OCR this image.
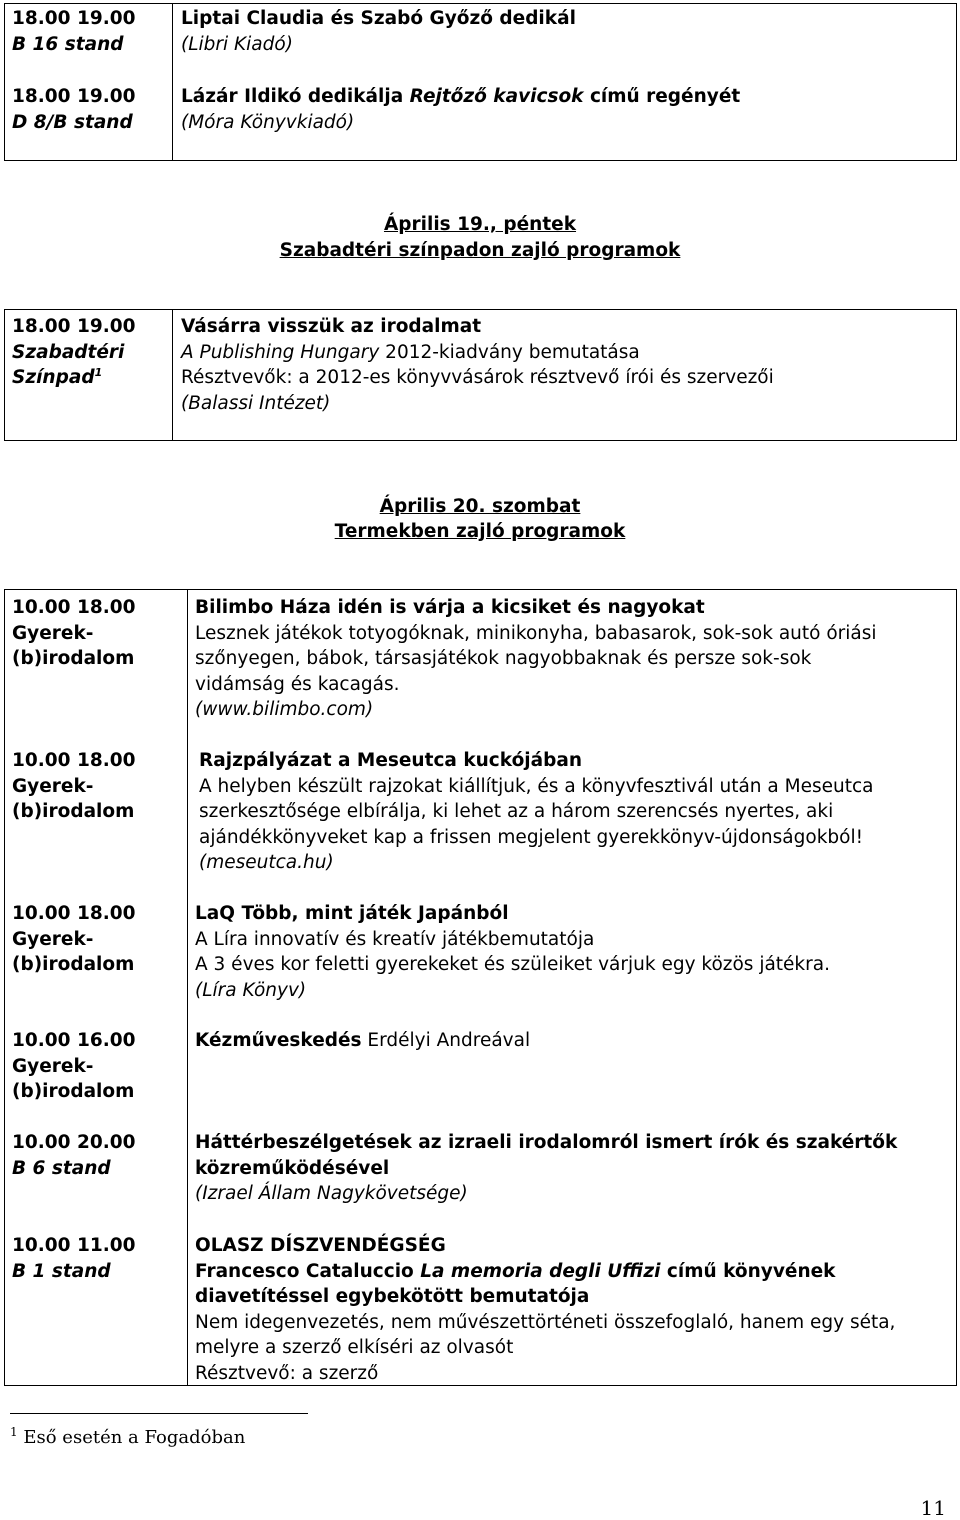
18.00 19.00
B 16 stand
Liptai Claudia és Szabó Győző dedikál
(Libri Kiadó)
18.00 19.00
D 8/B stand
Lázár Ildikó dedikálja Rejtőző kavicsok című regényét
(Móra Könyvkiadó)
Április 19., péntek
Szabadtéri színpadon zajló programok
18.00 19.00
Szabadtéri
Színpad$^1$
Vásárra visszük az irodalmat
A Publishing Hungary 2012-kiadvány bemutatása
Résztvevők: a 2012-es könyvvásárok résztvevő írói és szervezői
(Balassi Intézet)
Április 20. szombat
Termekben zajló programok
10.00 18.00
Gyerek-
(b)irodalom
Bilimbo Háza idén is várja a kicsiket és nagyokat
Lesznek játékok totyogóknak, minikonyha, babasarok, sok-sok autó óriási
szőnyegen, bábok, társasjátékok nagyobbaknak és persze sok-sok
vidámság és kacagás.
(www.bilimbo.com)
10.00 18.00
Gyerek-
(b)irodalom
Rajzpályázat a Meseutca kuckójában
A helyben készült rajzokat kiállítjuk, és a könyvfesztivál után a Meseutca
szerkesztősége elbírálja, ki lehet az a három szerencsés nyertes, aki
ajándékkönyveket kap a frissen megjelent gyerekkönyv-újdonságokból!
(meseutca.hu)
10.00 18.00
Gyerek-
(b)irodalom
LaQ Több, mint játék Japánból
A Líra innovatív és kreatív játékbemutatója
A 3 éves kor feletti gyerekeket és szüleiket várjuk egy közös játékra.
(Líra Könyv)
10.00 16.00
Gyerek-
(b)irodalom
Kézműveskedés Erdélyi Andreával
10.00 20.00
B 6 stand
Háttérbeszélgetések az izraeli irodalomról ismert írók és szakértők
közreműködésével
(Izrael Állam Nagykövetsége)
10.00 11.00
B 1 stand
OLASZ DÍSZVENDÉGSÉG
Francesco Cataluccio La memoria degli Uffizi című könyvének
diavetítéssel egybekötött bemutatója
Nem idegenvezetés, nem művészettörténeti összefoglaló, hanem egy séta,
melyre a szerző elkíséri az olvasót
Résztvevő: a szerző
$^1$ Eső esetén a Fogadóban
11
